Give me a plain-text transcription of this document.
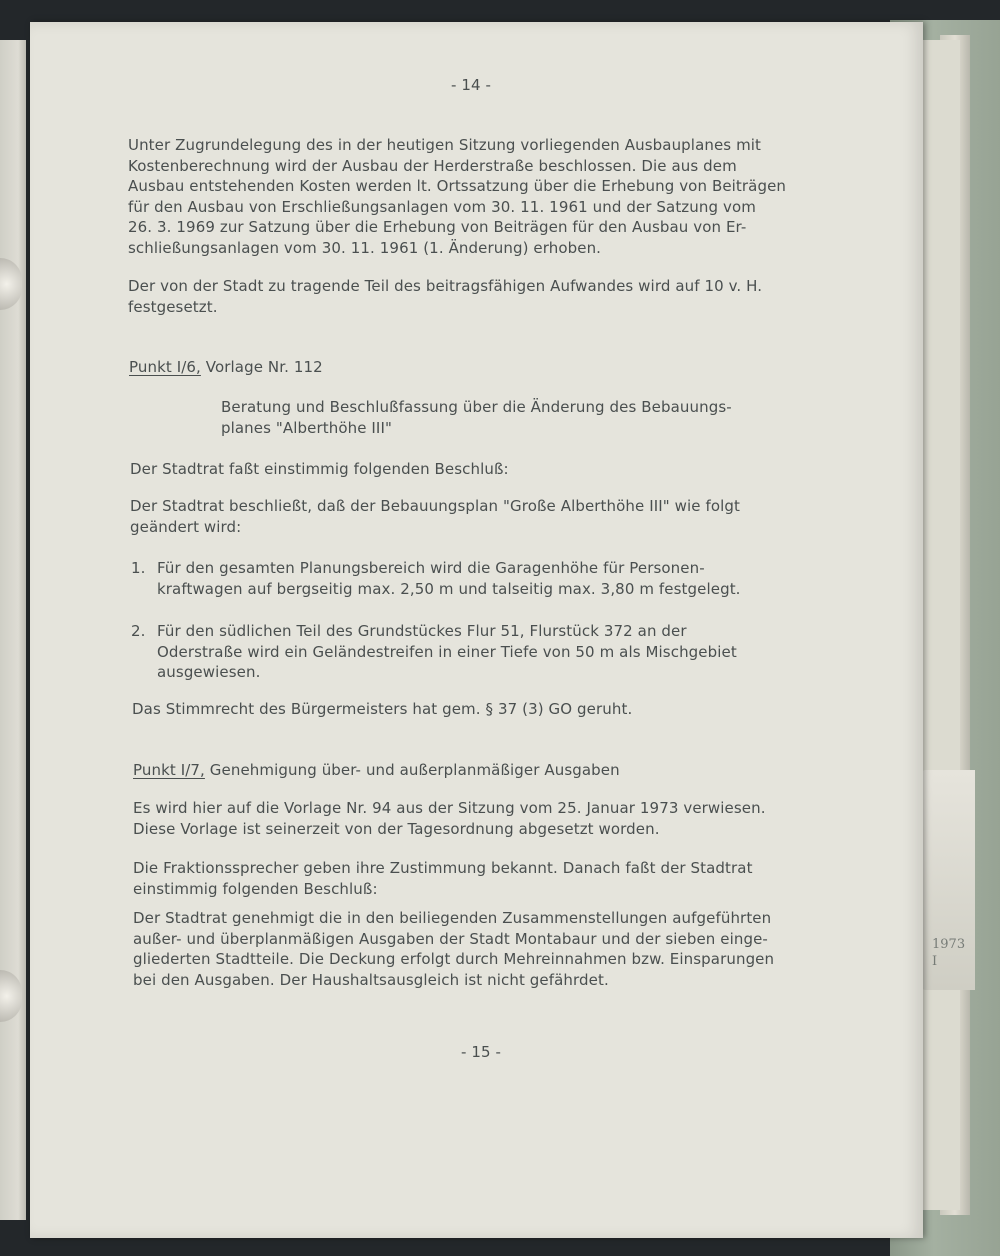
1973
I
- 14 -
Unter Zugrundelegung des in der heutigen Sitzung vorliegenden Ausbauplanes mit
Kostenberechnung wird der Ausbau der Herderstraße beschlossen. Die aus dem
Ausbau entstehenden Kosten werden lt. Ortssatzung über die Erhebung von Beiträgen
für den Ausbau von Erschließungsanlagen vom 30. 11. 1961 und der Satzung vom
26. 3. 1969 zur Satzung über die Erhebung von Beiträgen für den Ausbau von Er-
schließungsanlagen vom 30. 11. 1961 (1. Änderung) erhoben.
Der von der Stadt zu tragende Teil des beitragsfähigen Aufwandes wird auf 10 v. H.
festgesetzt.
Punkt I/6, Vorlage Nr. 112
Beratung und Beschlußfassung über die Änderung des Bebauungs-
planes "Alberthöhe III"
Der Stadtrat faßt einstimmig folgenden Beschluß:
Der Stadtrat beschließt, daß der Bebauungsplan "Große Alberthöhe III" wie folgt
geändert wird:
1. Für den gesamten Planungsbereich wird die Garagenhöhe für Personen-
kraftwagen auf bergseitig max. 2,50 m und talseitig max. 3,80 m festgelegt.
2. Für den südlichen Teil des Grundstückes Flur 51, Flurstück 372 an der
Oderstraße wird ein Geländestreifen in einer Tiefe von 50 m als Mischgebiet
ausgewiesen.
Das Stimmrecht des Bürgermeisters hat gem. § 37 (3) GO geruht.
Punkt I/7, Genehmigung über- und außerplanmäßiger Ausgaben
Es wird hier auf die Vorlage Nr. 94 aus der Sitzung vom 25. Januar 1973 verwiesen.
Diese Vorlage ist seinerzeit von der Tagesordnung abgesetzt worden.
Die Fraktionssprecher geben ihre Zustimmung bekannt. Danach faßt der Stadtrat
einstimmig folgenden Beschluß:
Der Stadtrat genehmigt die in den beiliegenden Zusammenstellungen aufgeführten
außer- und überplanmäßigen Ausgaben der Stadt Montabaur und der sieben einge-
gliederten Stadtteile. Die Deckung erfolgt durch Mehreinnahmen bzw. Einsparungen
bei den Ausgaben. Der Haushaltsausgleich ist nicht gefährdet.
- 15 -
